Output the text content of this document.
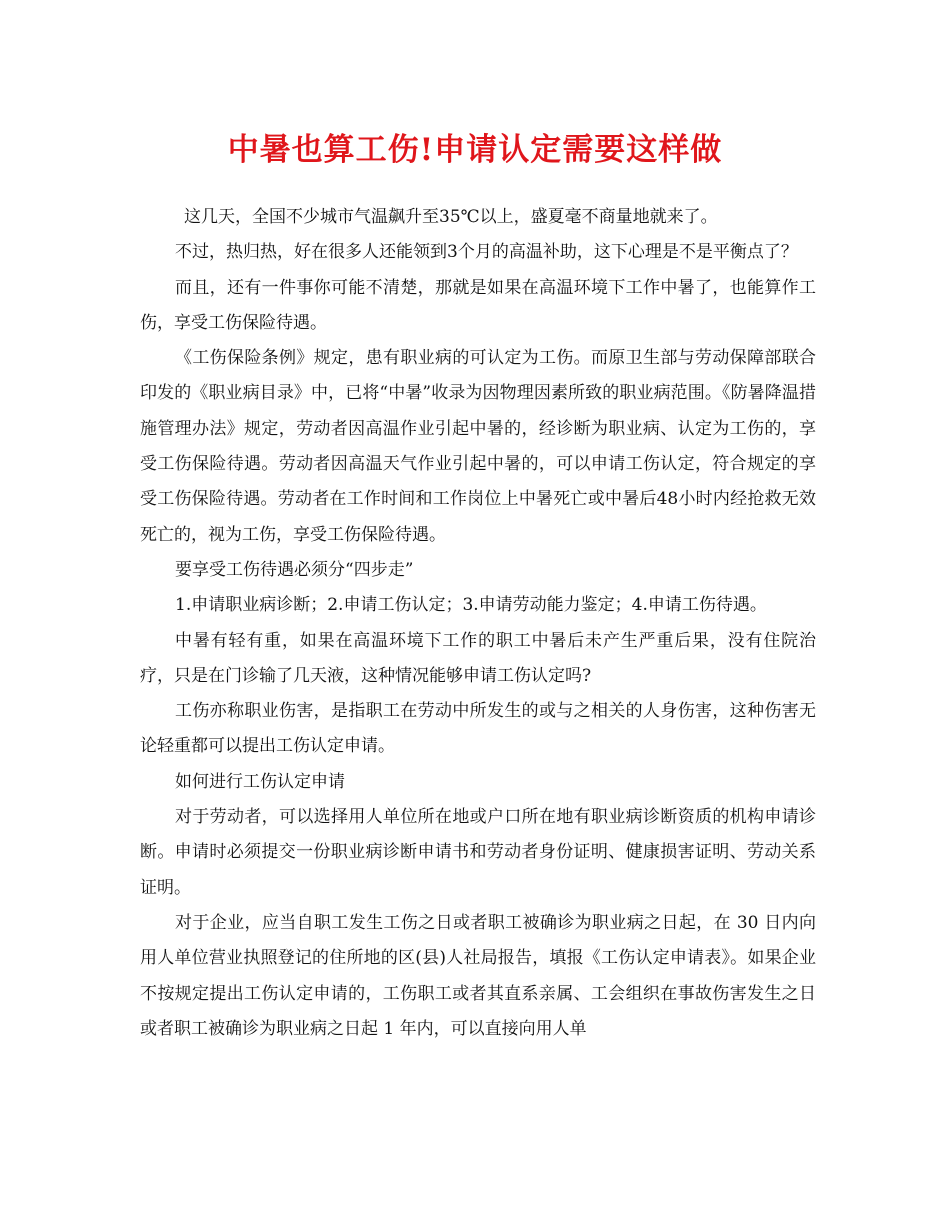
中暑也算工伤!申请认定需要这样做

这几天，全国不少城市气温飙升至35℃以上，盛夏毫不商量地就来了。

不过，热归热，好在很多人还能领到3个月的高温补助，这下心理是不是平衡点了？

而且，还有一件事你可能不清楚，那就是如果在高温环境下工作中暑了，也能算作工伤，享受工伤保险待遇。

《工伤保险条例》规定，患有职业病的可认定为工伤。而原卫生部与劳动保障部联合印发的《职业病目录》中，已将“中暑”收录为因物理因素所致的职业病范围。《防暑降温措施管理办法》规定，劳动者因高温作业引起中暑的，经诊断为职业病、认定为工伤的，享受工伤保险待遇。劳动者因高温天气作业引起中暑的，可以申请工伤认定，符合规定的享受工伤保险待遇。劳动者在工作时间和工作岗位上中暑死亡或中暑后48小时内经抢救无效死亡的，视为工伤，享受工伤保险待遇。

要享受工伤待遇必须分“四步走”

1.申请职业病诊断；2.申请工伤认定；3.申请劳动能力鉴定；4.申请工伤待遇。

中暑有轻有重，如果在高温环境下工作的职工中暑后未产生严重后果，没有住院治疗，只是在门诊输了几天液，这种情况能够申请工伤认定吗?

工伤亦称职业伤害，是指职工在劳动中所发生的或与之相关的人身伤害，这种伤害无论轻重都可以提出工伤认定申请。

如何进行工伤认定申请

对于劳动者，可以选择用人单位所在地或户口所在地有职业病诊断资质的机构申请诊断。申请时必须提交一份职业病诊断申请书和劳动者身份证明、健康损害证明、劳动关系证明。

对于企业，应当自职工发生工伤之日或者职工被确诊为职业病之日起，在 30 日内向用人单位营业执照登记的住所地的区(县)人社局报告，填报《工伤认定申请表》。如果企业不按规定提出工伤认定申请的，工伤职工或者其直系亲属、工会组织在事故伤害发生之日或者职工被确诊为职业病之日起 1 年内，可以直接向用人单
